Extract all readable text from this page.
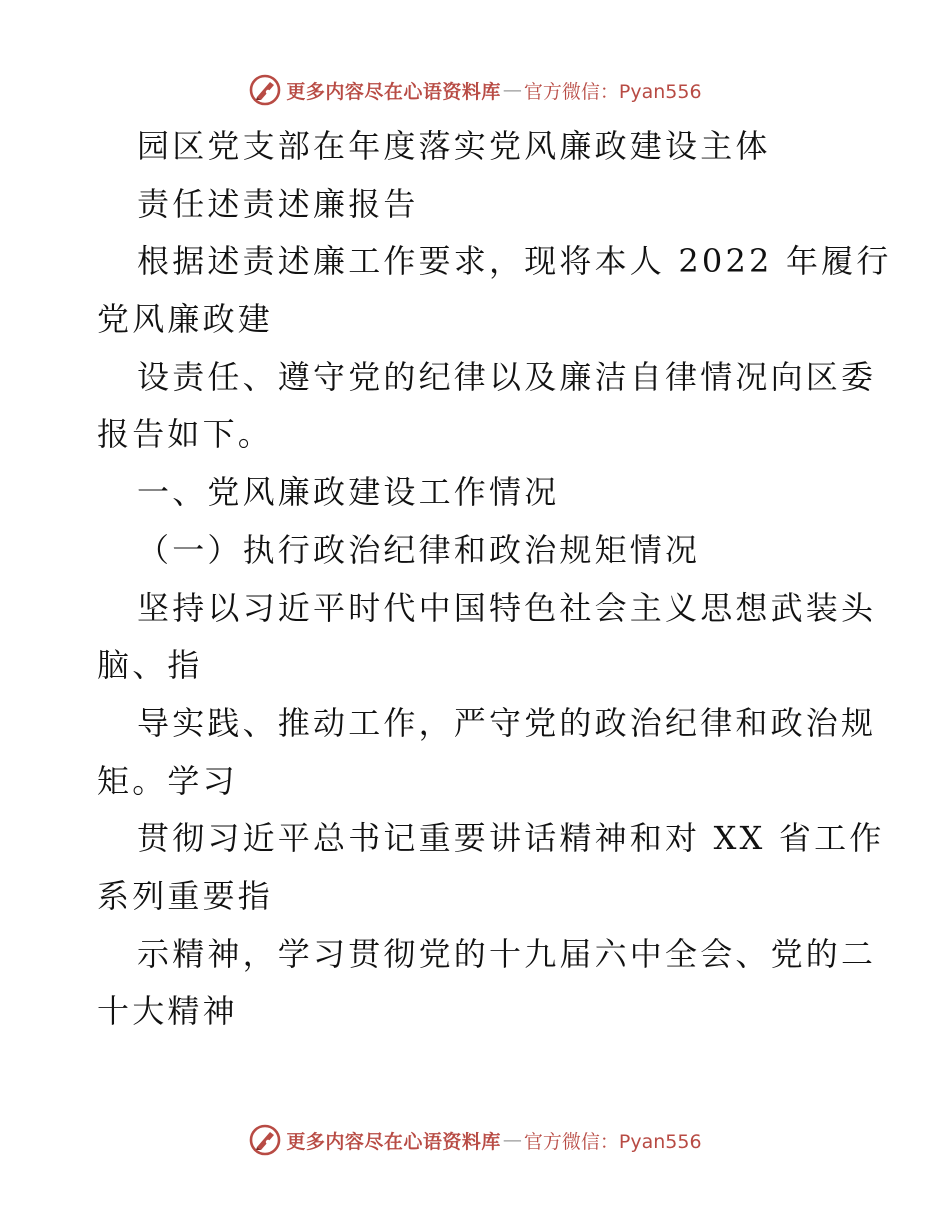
更多内容尽在心语资料库 — 官方微信：Pyan556
园区党支部在年度落实党风廉政建设主体
责任述责述廉报告
根据述责述廉工作要求，现将本人 2022 年履行
党风廉政建
设责任、遵守党的纪律以及廉洁自律情况向区委
报告如下。
一、党风廉政建设工作情况
（一）执行政治纪律和政治规矩情况
坚持以习近平时代中国特色社会主义思想武装头
脑、指
导实践、推动工作，严守党的政治纪律和政治规
矩。学习
贯彻习近平总书记重要讲话精神和对 XX 省工作
系列重要指
示精神，学习贯彻党的十九届六中全会、党的二
十大精神
更多内容尽在心语资料库 — 官方微信：Pyan556
